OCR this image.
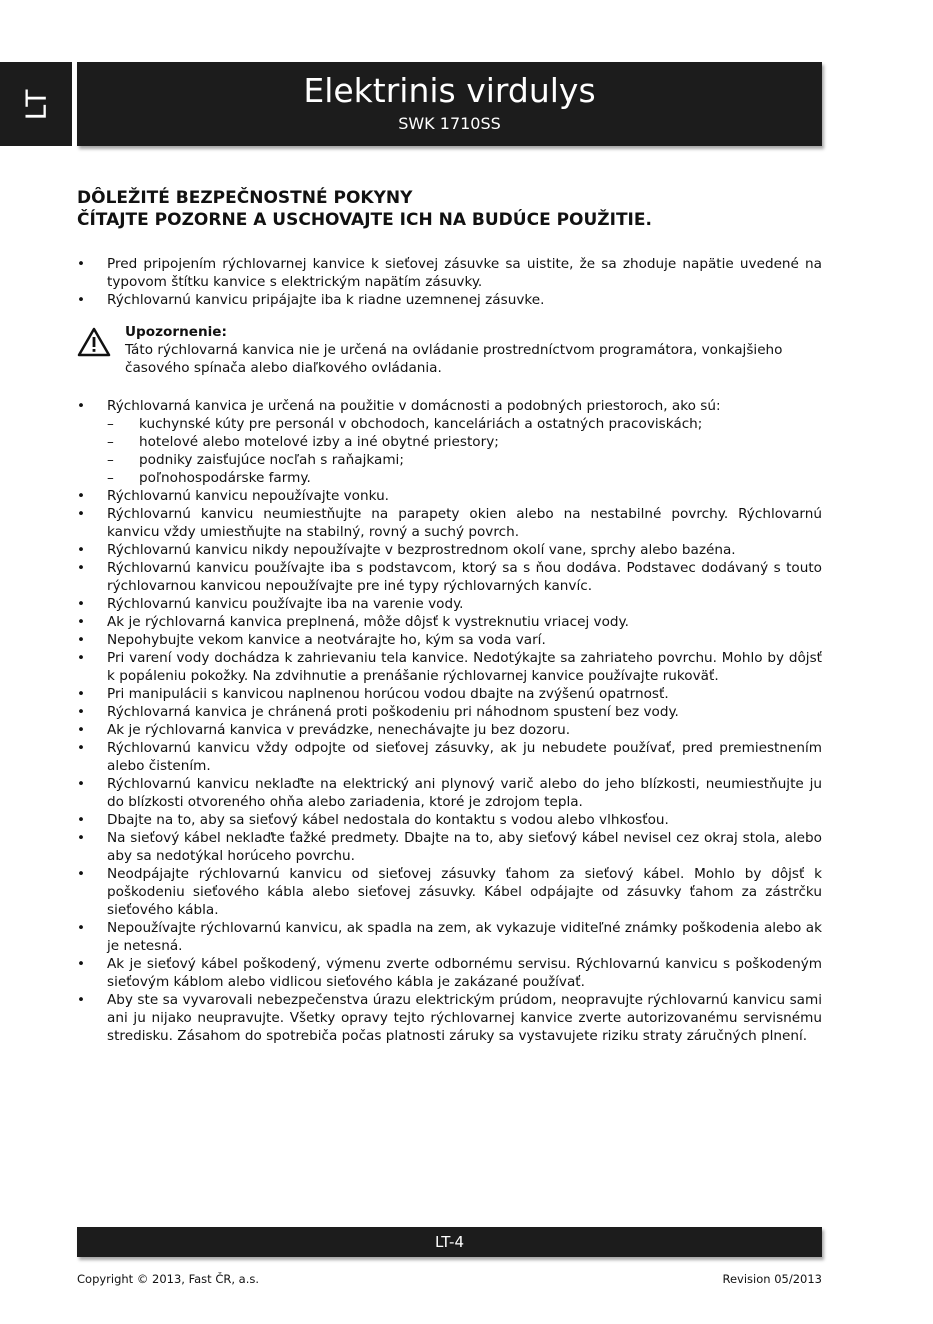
LT	Elektrinis virdulys
SWK 1710SS
DÔLEŽITÉ BEZPEČNOSTNÉ POKYNY
ČÍTAJTE POZORNE A USCHOVAJTE ICH NA BUDÚCE POUŽITIE.
• Pred pripojením rýchlovarnej kanvice k sieťovej zásuvke sa uistite, že sa zhoduje napätie uvedené na typovom štítku kanvice s elektrickým napätím zásuvky.
• Rýchlovarnú kanvicu pripájajte iba k riadne uzemnenej zásuvke.
Upozornenie:
Táto rýchlovarná kanvica nie je určená na ovládanie prostredníctvom programátora, vonkajšieho časového spínača alebo diaľkového ovládania.
• Rýchlovarná kanvica je určená na použitie v domácnosti a podobných priestoroch, ako sú:
– kuchynské kúty pre personál v obchodoch, kanceláriách a ostatných pracoviskách;
– hotelové alebo motelové izby a iné obytné priestory;
– podniky zaisťujúce nocľah s raňajkami;
– poľnohospodárske farmy.
• Rýchlovarnú kanvicu nepoužívajte vonku.
• Rýchlovarnú kanvicu neumiestňujte na parapety okien alebo na nestabilné povrchy. Rýchlovarnú kanvicu vždy umiestňujte na stabilný, rovný a suchý povrch.
• Rýchlovarnú kanvicu nikdy nepoužívajte v bezprostrednom okolí vane, sprchy alebo bazéna.
• Rýchlovarnú kanvicu používajte iba s podstavcom, ktorý sa s ňou dodáva. Podstavec dodávaný s touto rýchlovarnou kanvicou nepoužívajte pre iné typy rýchlovarných kanvíc.
• Rýchlovarnú kanvicu používajte iba na varenie vody.
• Ak je rýchlovarná kanvica preplnená, môže dôjsť k vystreknutiu vriacej vody.
• Nepohybujte vekom kanvice a neotvárajte ho, kým sa voda varí.
• Pri varení vody dochádza k zahrievaniu tela kanvice. Nedotýkajte sa zahriateho povrchu. Mohlo by dôjsť k popáleniu pokožky. Na zdvihnutie a prenášanie rýchlovarnej kanvice používajte rukoväť.
• Pri manipulácii s kanvicou naplnenou horúcou vodou dbajte na zvýšenú opatrnosť.
• Rýchlovarná kanvica je chránená proti poškodeniu pri náhodnom spustení bez vody.
• Ak je rýchlovarná kanvica v prevádzke, nenechávajte ju bez dozoru.
• Rýchlovarnú kanvicu vždy odpojte od sieťovej zásuvky, ak ju nebudete používať, pred premiestnením alebo čistením.
• Rýchlovarnú kanvicu neklaďte na elektrický ani plynový varič alebo do jeho blízkosti, neumiestňujte ju do blízkosti otvoreného ohňa alebo zariadenia, ktoré je zdrojom tepla.
• Dbajte na to, aby sa sieťový kábel nedostala do kontaktu s vodou alebo vlhkosťou.
• Na sieťový kábel neklaďte ťažké predmety. Dbajte na to, aby sieťový kábel nevisel cez okraj stola, alebo aby sa nedotýkal horúceho povrchu.
• Neodpájajte rýchlovarnú kanvicu od sieťovej zásuvky ťahom za sieťový kábel. Mohlo by dôjsť k poškodeniu sieťového kábla alebo sieťovej zásuvky. Kábel odpájajte od zásuvky ťahom za zástrčku sieťového kábla.
• Nepoužívajte rýchlovarnú kanvicu, ak spadla na zem, ak vykazuje viditeľné známky poškodenia alebo ak je netesná.
• Ak je sieťový kábel poškodený, výmenu zverte odbornému servisu. Rýchlovarnú kanvicu s poškodeným sieťovým káblom alebo vidlicou sieťového kábla je zakázané používať.
• Aby ste sa vyvarovali nebezpečenstva úrazu elektrickým prúdom, neopravujte rýchlovarnú kanvicu sami ani ju nijako neupravujte. Všetky opravy tejto rýchlovarnej kanvice zverte autorizovanému servisnému stredisku. Zásahom do spotrebiča počas platnosti záruky sa vystavujete riziku straty záručných plnení.
LT-4
Copyright © 2013, Fast ČR, a.s.	Revision 05/2013
